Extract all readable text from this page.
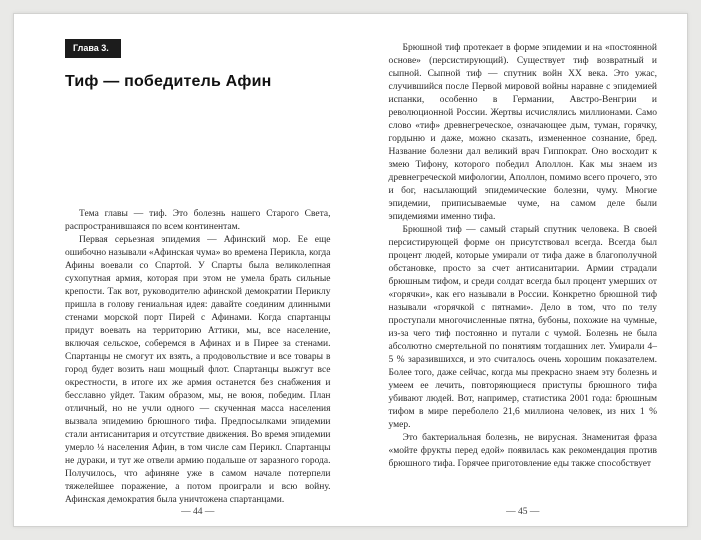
Глава 3.
Тиф — победитель Афин

Тема главы — тиф. Это болезнь нашего Старого Света, распространившаяся по всем континентам.

Первая серьезная эпидемия — Афинский мор. Ее еще ошибочно называли «Афинская чума» во времена Перикла, когда Афины воевали со Спартой. У Спарты была великолепная сухопутная армия, которая при этом не умела брать сильные крепости. Так вот, руководителю афинской демократии Периклу пришла в голову гениальная идея: давайте соединим длинными стенами морской порт Пирей с Афинами. Когда спартанцы придут воевать на территорию Аттики, мы, все население, включая сельское, соберемся в Афинах и в Пирее за стенами. Спартанцы не смогут их взять, а продовольствие и все товары в город будет возить наш мощный флот. Спартанцы выжгут все окрестности, в итоге их же армия останется без снабжения и бесславно уйдет. Таким образом, мы, не воюя, победим. План отличный, но не учли одного — скученная масса населения вызвала эпидемию брюшного тифа. Предпосылками эпидемии стали антисанитария и отсутствие движения. Во время эпидемии умерло ¼ населения Афин, в том числе сам Перикл. Спартанцы не дураки, и тут же отвели армию подальше от заразного города. Получилось, что афиняне уже в самом начале потерпели тяжелейшее поражение, а потом проиграли и всю войну. Афинская демократия была уничтожена спартанцами.

— 44 —

Брюшной тиф протекает в форме эпидемии и на «постоянной основе» (персистирующий). Существует тиф возвратный и сыпной. Сыпной тиф — спутник войн XX века. Это ужас, случившийся после Первой мировой войны наравне с эпидемией испанки, особенно в Германии, Австро-Венгрии и революционной России. Жертвы исчислялись миллионами. Само слово «тиф» древнегреческое, означающее дым, туман, горячку, гордыню и даже, можно сказать, измененное сознание, бред. Название болезни дал великий врач Гиппократ. Оно восходит к змею Тифону, которого победил Аполлон. Как мы знаем из древнегреческой мифологии, Аполлон, помимо всего прочего, это и бог, насылающий эпидемические болезни, чуму. Многие эпидемии, приписываемые чуме, на самом деле были эпидемиями именно тифа.

Брюшной тиф — самый старый спутник человека. В своей персистирующей форме он присутствовал всегда. Всегда был процент людей, которые умирали от тифа даже в благополучной обстановке, просто за счет антисанитарии. Армии страдали брюшным тифом, и среди солдат всегда был процент умерших от «горячки», как его называли в России. Конкретно брюшной тиф называли «горячкой с пятнами». Дело в том, что по телу проступали многочисленные пятна, бубоны, похожие на чумные, из-за чего тиф постоянно и путали с чумой. Болезнь не была абсолютно смертельной по понятиям тогдашних лет. Умирали 4–5 % заразившихся, и это считалось очень хорошим показателем. Более того, даже сейчас, когда мы прекрасно знаем эту болезнь и умеем ее лечить, повторяющиеся приступы брюшного тифа убивают людей. Вот, например, статистика 2001 года: брюшным тифом в мире переболело 21,6 миллиона человек, из них 1 % умер.

Это бактериальная болезнь, не вирусная. Знаменитая фраза «мойте фрукты перед едой» появилась как рекомендация против брюшного тифа. Горячее приготовление еды также способствует

— 45 —
